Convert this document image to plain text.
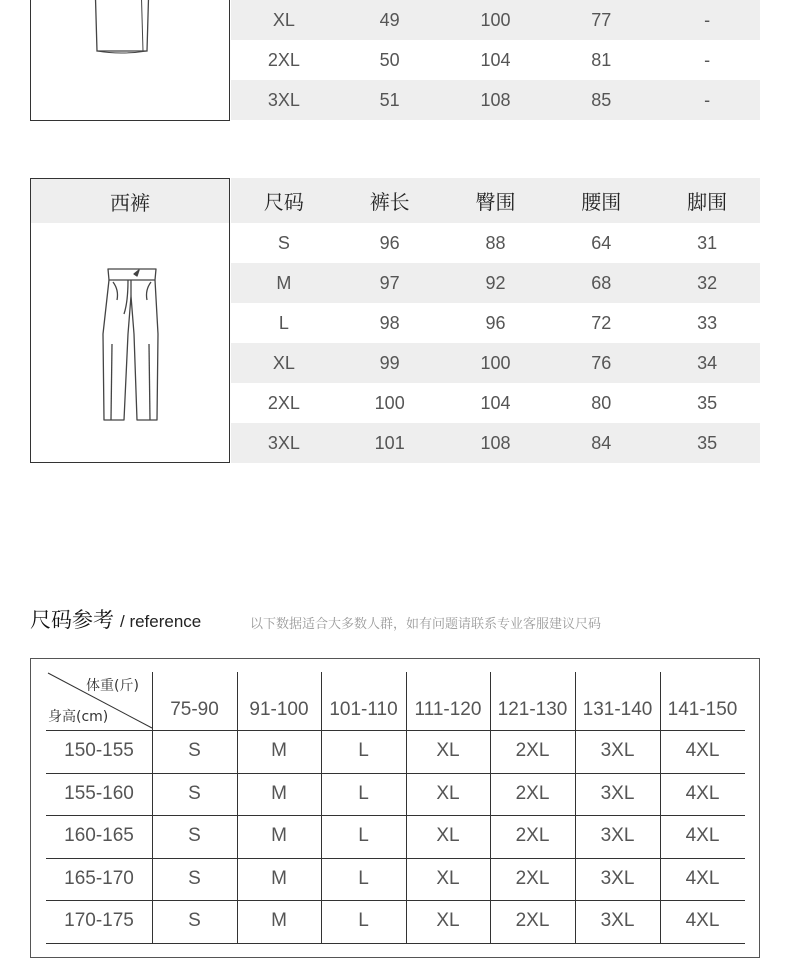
XL	49	100	77	-
2XL	50	104	81	-
3XL	51	108	85	-
西裤	尺码	裤长	臀围	腰围	脚围
S	96	88	64	31
M	97	92	68	32
L	98	96	72	33
XL	99	100	76	34
2XL	100	104	80	35
3XL	101	108	84	35
尺码参考 / reference	以下数据适合大多数人群，如有问题请联系专业客服建议尺码
体重(斤)
身高(cm)	75-90	91-100	101-110 111-120 121-130 131-140 141-150
150-155	S	M	L	XL	2XL	3XL	4XL
155-160	S	M	L	XL	2XL	3XL	4XL
160-165	S	M	L	XL	2XL	3XL	4XL
165-170	S	M	L	XL	2XL	3XL	4XL
170-175	S	M	L	XL	2XL	3XL	4XL
